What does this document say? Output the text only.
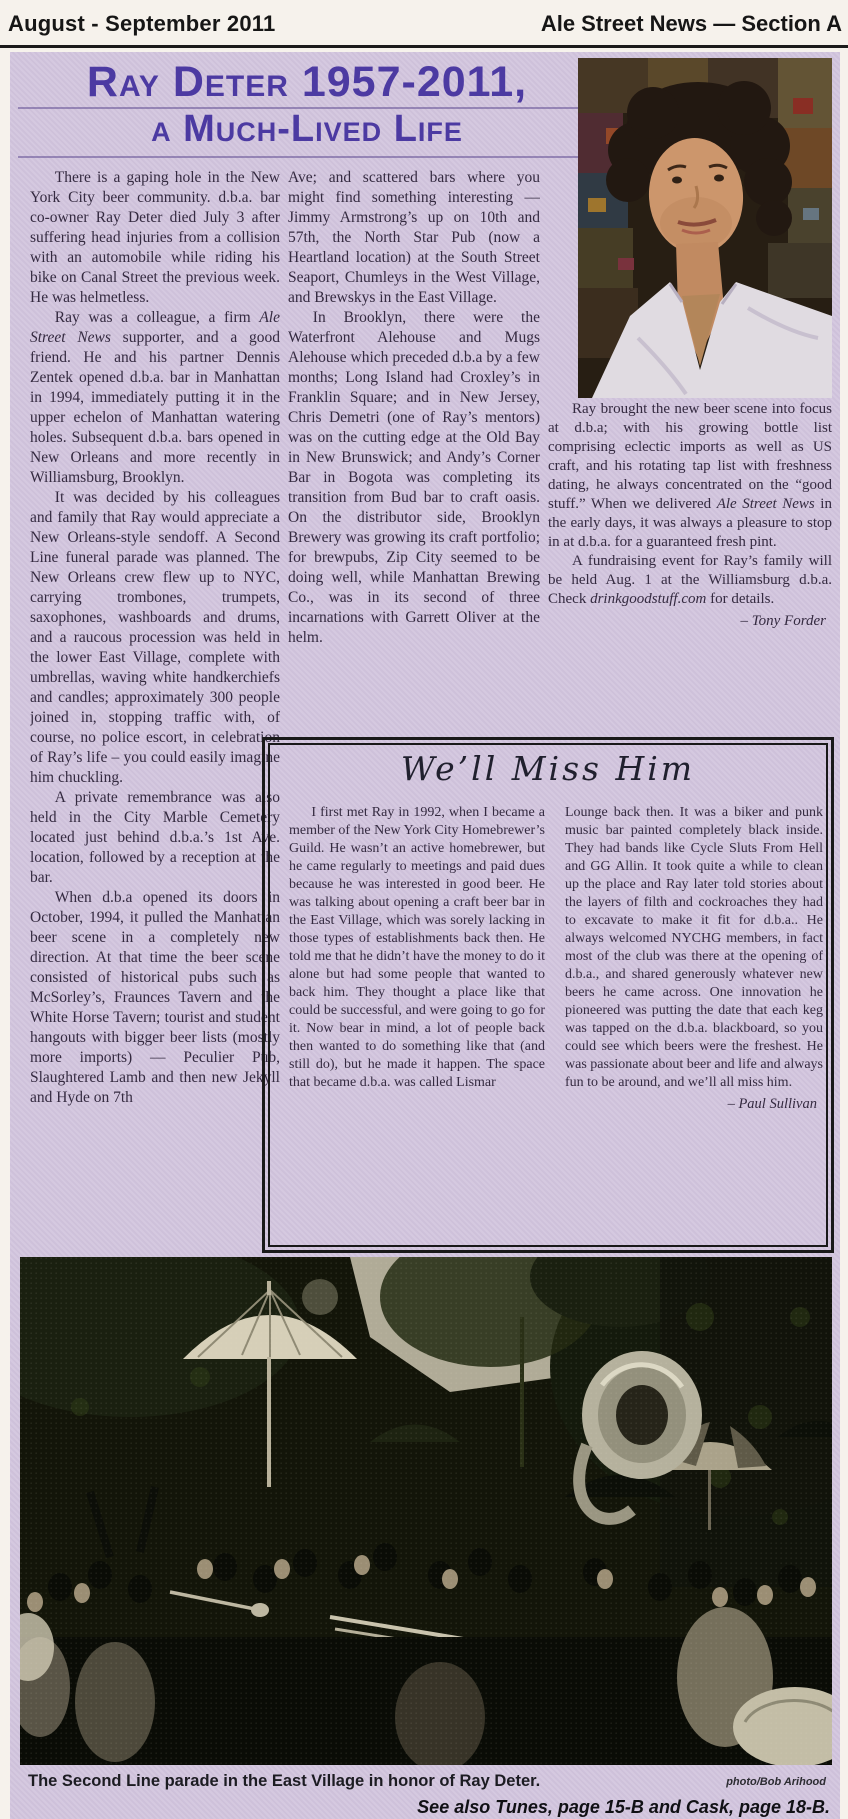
August - September 2011	Ale Street News — Section A
Ray Deter 1957-2011,
a Much-Lived Life

There is a gaping hole in the New York City beer community. d.b.a. bar co-owner Ray Deter died July 3 after suffering head injuries from a collision with an automobile while riding his bike on Canal Street the previous week. He was helmetless.

Ray was a colleague, a firm Ale Street News supporter, and a good friend. He and his partner Dennis Zentek opened d.b.a. bar in Manhattan in 1994, immediately putting it in the upper echelon of Manhattan watering holes. Subsequent d.b.a. bars opened in New Orleans and more recently in Williamsburg, Brooklyn.

It was decided by his colleagues and family that Ray would appreciate a New Orleans-style sendoff. A Second Line funeral parade was planned. The New Orleans crew flew up to NYC, carrying trombones, trumpets, saxophones, washboards and drums, and a raucous procession was held in the lower East Village, complete with umbrellas, waving white handkerchiefs and candles; approximately 300 people joined in, stopping traffic with, of course, no police escort, in celebration of Ray’s life – you could easily imagine him chuckling.

A private remembrance was also held in the City Marble Cemetery located just behind d.b.a.’s 1st Ave. location, followed by a reception at the bar.

When d.b.a opened its doors in October, 1994, it pulled the Manhattan beer scene in a completely new direction. At that time the beer scene consisted of historical pubs such as McSorley’s, Fraunces Tavern and the White Horse Tavern; tourist and student hangouts with bigger beer lists (mostly more imports) — Peculier Pub, Slaughtered Lamb and then new Jekyll and Hyde on 7th

Ave; and scattered bars where you might find something interesting — Jimmy Armstrong’s up on 10th and 57th, the North Star Pub (now a Heartland location) at the South Street Seaport, Chumleys in the West Village, and Brewskys in the East Village.

In Brooklyn, there were the Waterfront Alehouse and Mugs Alehouse which preceded d.b.a by a few months; Long Island had Croxley’s in Franklin Square; and in New Jersey, Chris Demetri (one of Ray’s mentors) was on the cutting edge at the Old Bay in New Brunswick; and Andy’s Corner Bar in Bogota was completing its transition from Bud bar to craft oasis. On the distributor side, Brooklyn Brewery was growing its craft portfolio; for brewpubs, Zip City seemed to be doing well, while Manhattan Brewing Co., was in its second of three incarnations with Garrett Oliver at the helm.

Ray brought the new beer scene into focus at d.b.a; with his growing bottle list comprising eclectic imports as well as US craft, and his rotating tap list with freshness dating, he always concentrated on the “good stuff.” When we delivered Ale Street News in the early days, it was always a pleasure to stop in at d.b.a. for a guaranteed fresh pint.

A fundraising event for Ray’s family will be held Aug. 1 at the Williamsburg d.b.a. Check drinkgoodstuff.com for details.

– Tony Forder
We’ll Miss Him

I first met Ray in 1992, when I became a member of the New York City Homebrewer’s Guild. He wasn’t an active homebrewer, but he came regularly to meetings and paid dues because he was interested in good beer. He was talking about opening a craft beer bar in the East Village, which was sorely lacking in those types of establishments back then. He told me that he didn’t have the money to do it alone but had some people that wanted to back him. They thought a place like that could be successful, and were going to go for it. Now bear in mind, a lot of people back then wanted to do something like that (and still do), but he made it happen. The space that became d.b.a. was called Lismar

Lounge back then. It was a biker and punk music bar painted completely black inside. They had bands like Cycle Sluts From Hell and GG Allin. It took quite a while to clean up the place and Ray later told stories about the layers of filth and cockroaches they had to excavate to make it fit for d.b.a.. He always welcomed NYCHG members, in fact most of the club was there at the opening of d.b.a., and shared generously whatever new beers he came across. One innovation he pioneered was putting the date that each keg was tapped on the d.b.a. blackboard, so you could see which beers were the freshest. He was passionate about beer and life and always fun to be around, and we’ll all miss him.

– Paul Sullivan
The Second Line parade in the East Village in honor of Ray Deter.	photo/Bob Arihood
See also Tunes, page 15-B and Cask, page 18-B.
